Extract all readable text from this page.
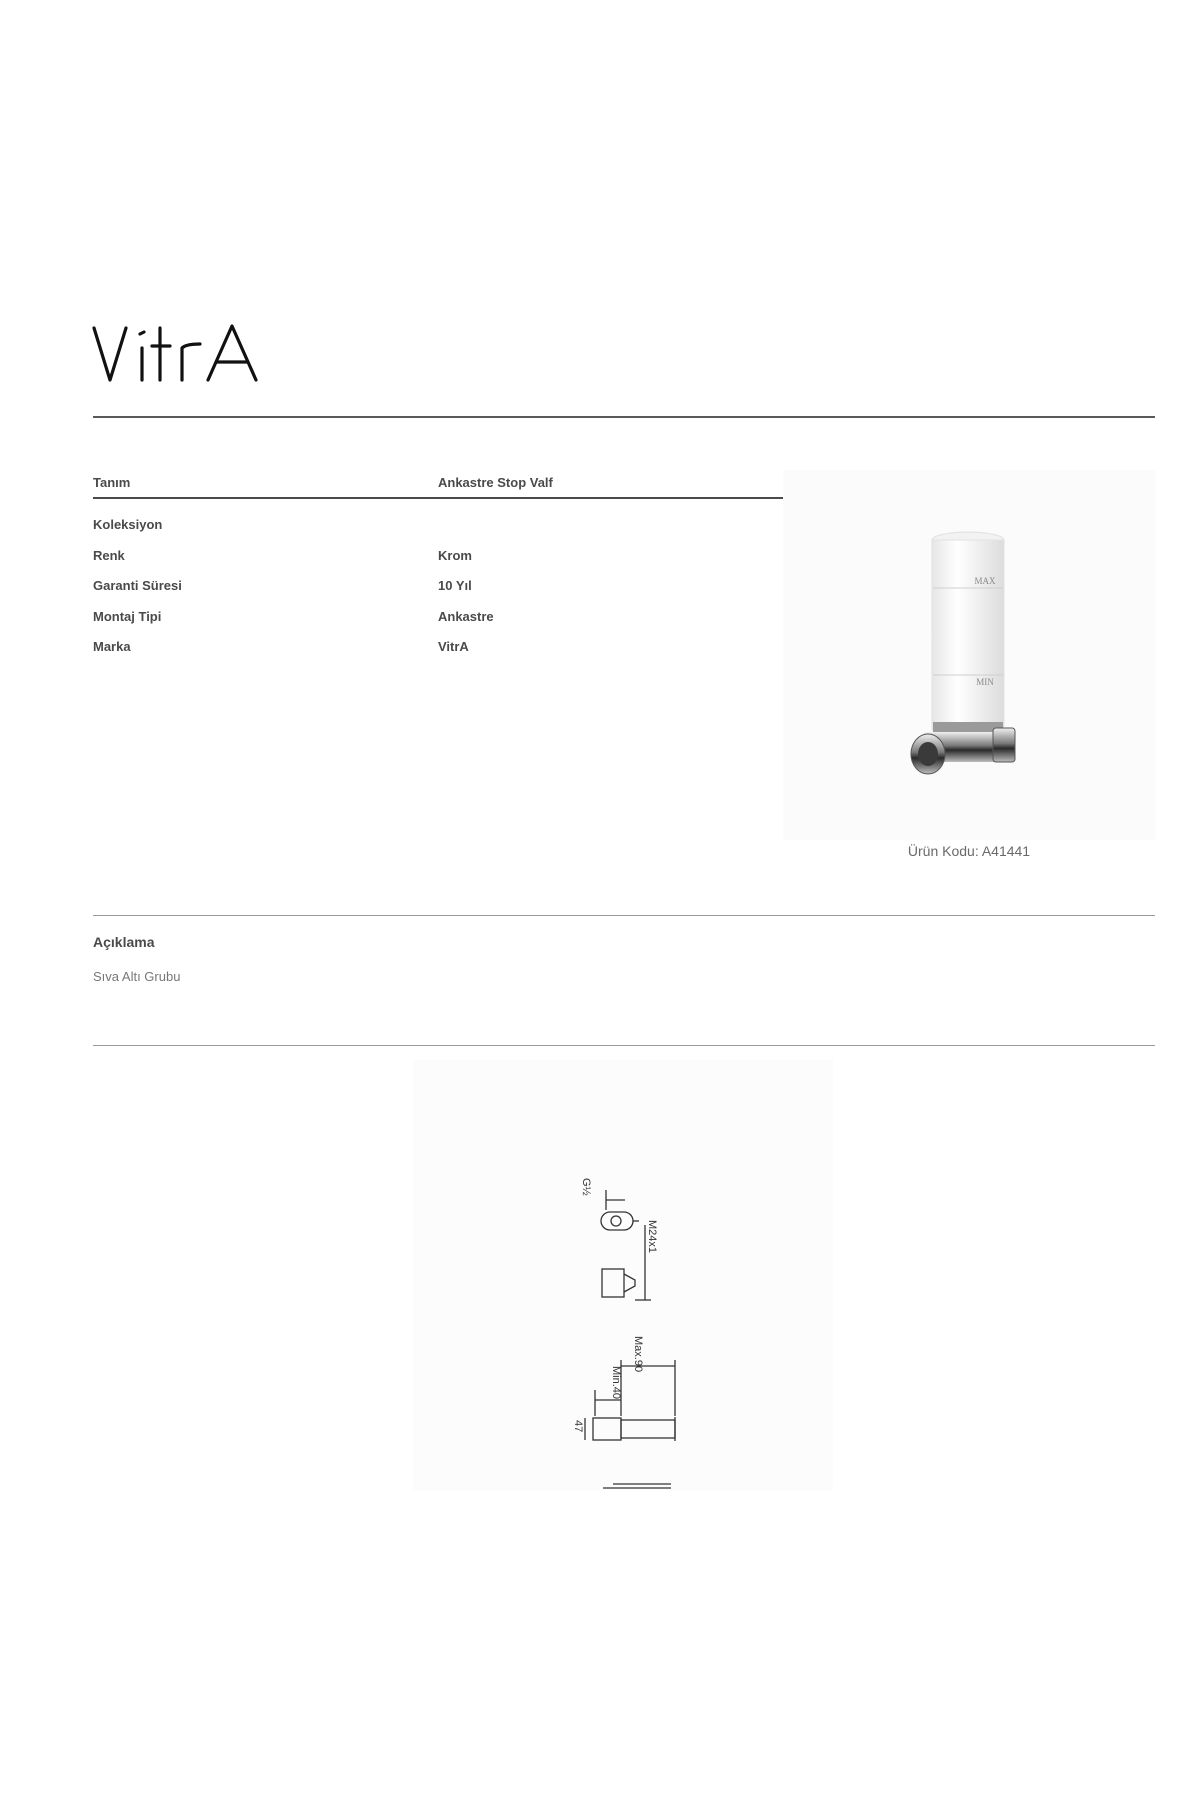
Tanım	Ankastre Stop Valf
Koleksiyon
Renk	Krom
Garanti Süresi	10 Yıl
Montaj Tipi	Ankastre
Marka	VitrA
MAX
MIN
Ürün Kodu: A41441
Açıklama
Sıva Altı Grubu
G½
M24x1
Max.90
Min.40
47
